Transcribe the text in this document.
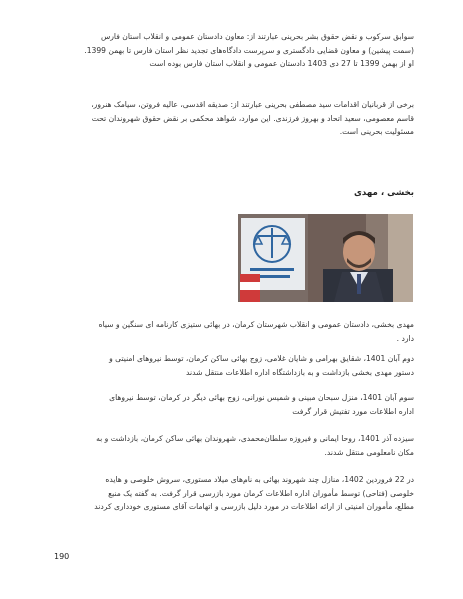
سوابق سرکوب و نقض حقوق بشر بحرینی عبارتند از: معاون دادستان عمومی و انقلاب استان فارس

(سمت پیشین) و معاون قضایی دادگستری و سرپرست دادگاه‌های تجدید نظر استان فارس تا بهمن 1399.

او از بهمن 1399 تا 27 دی 1403 دادستان عمومی و انقلاب استان فارس بوده است

برخی از قربانیان اقدامات سید مصطفی بحرینی عبارتند از: صدیقه اقدسی، عالیه فروتن، سیامک هنرور،

قاسم معصومی، سعید اتحاد و بهروز فرزندی. این موارد، شواهد محکمی بر نقض حقوق شهروندان تحت

مسئولیت بحرینی است.

بخشی ، مهدی

مهدی بخشی، دادستان عمومی و انقلاب شهرستان کرمان، در بهائی ستیزی کارنامه ای سنگین و سیاه

دارد .

دوم آبان 1401، شقایق بهرامی و شایان غلامی، زوج بهائی ساکن کرمان، توسط نیروهای امنیتی و

دستور مهدی بخشی بازداشت و به بازداشتگاه اداره اطلاعات منتقل شدند

سوم آبان 1401، منزل سبحان مبینی و شمیس نورانی، زوج بهائی دیگر در کرمان، توسط نیروهای

اداره اطلاعات مورد تفتیش قرار گرفت

سیزده آذر 1401، روحا ایمانی و فیروزه سلطان‌محمدی، شهروندان بهائی ساکن کرمان، بازداشت و به

مکان نامعلومی منتقل شدند.

در 22 فروردین 1402، منازل چند شهروند بهائی به نام‌های میلاد مستوری، سروش خلوصی و هایده

خلوصی (فتاحی) توسط مأموران اداره اطلاعات کرمان مورد بازرسی قرار گرفت. به گفته یک منبع

مطلع، مأموران امنیتی از ارائه اطلاعات در مورد دلیل بازرسی و اتهامات آقای مستوری خودداری کردند

190
